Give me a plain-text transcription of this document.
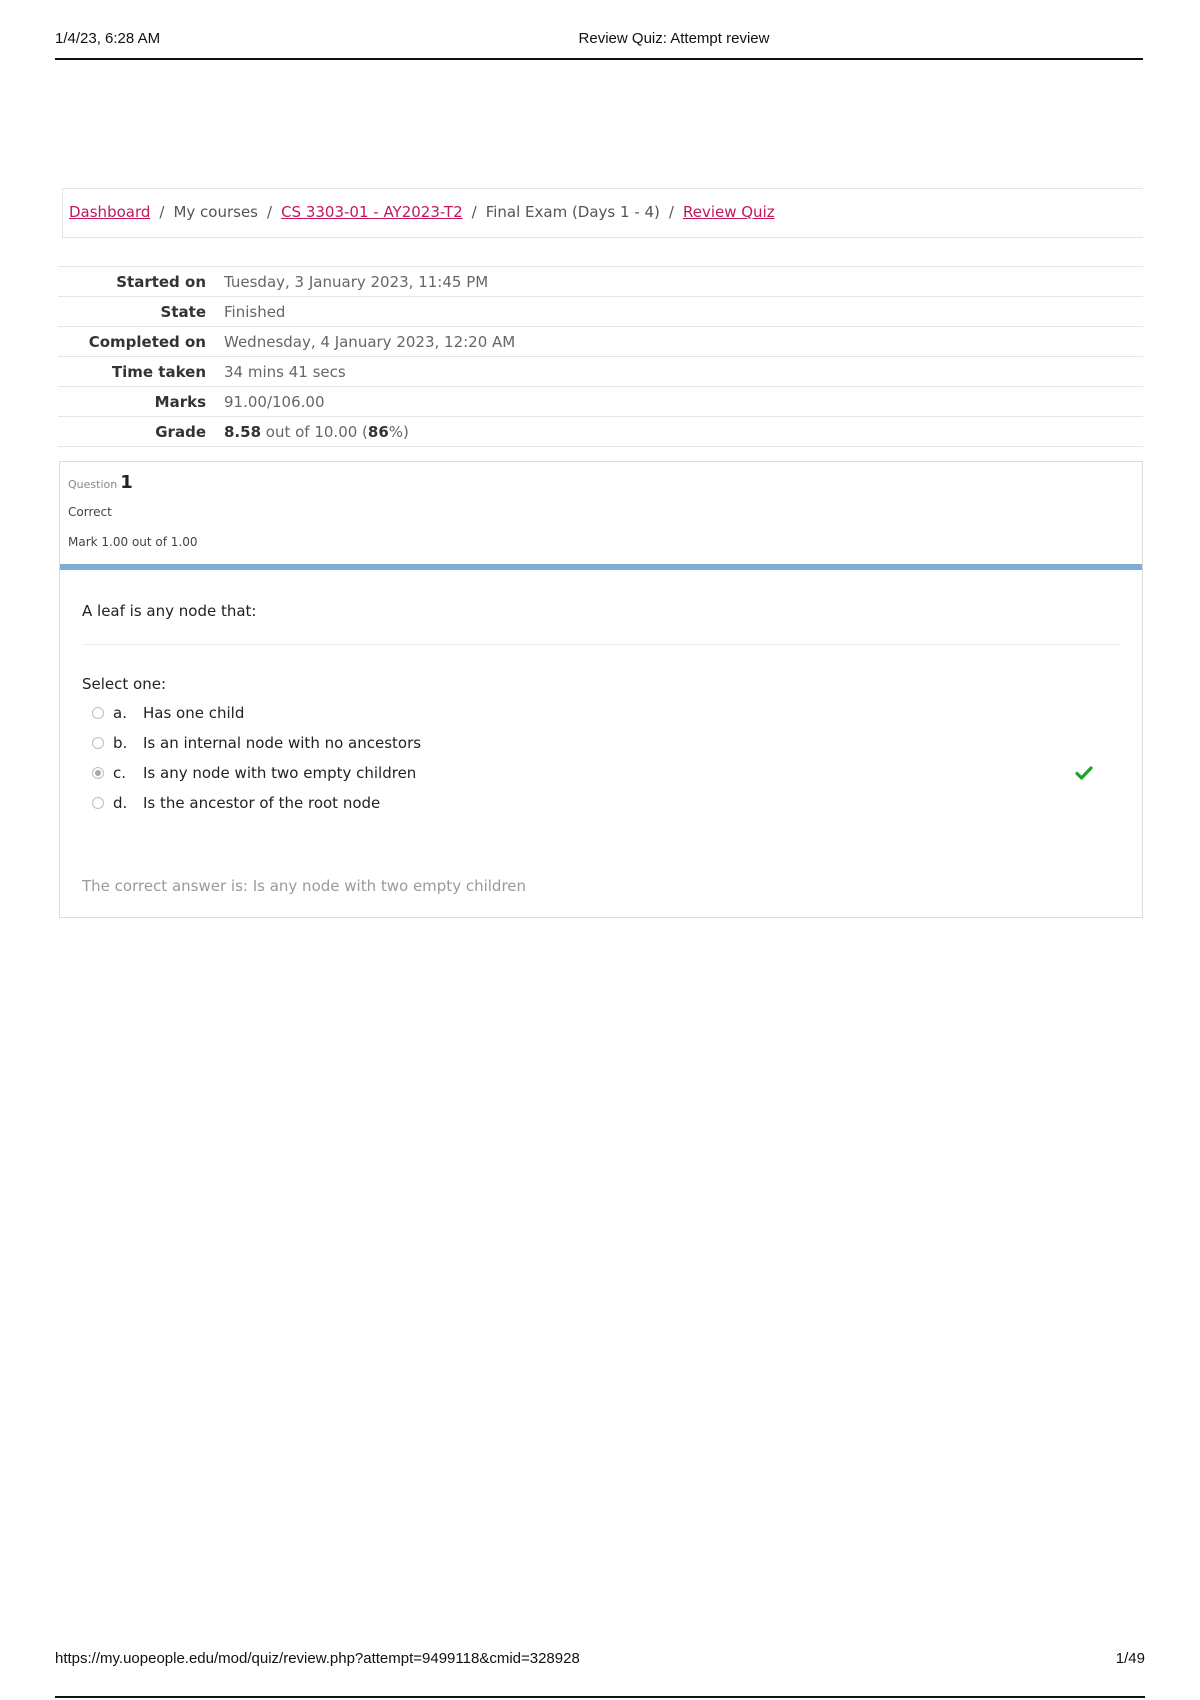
1/4/23, 6:28 AM	Review Quiz: Attempt review
Dashboard / My courses / CS 3303-01 - AY2023-T2 / Final Exam (Days 1 - 4) / Review Quiz
Started on	Tuesday, 3 January 2023, 11:45 PM
State	Finished
Completed on	Wednesday, 4 January 2023, 12:20 AM
Time taken	34 mins 41 secs
Marks	91.00/106.00
Grade	8.58 out of 10.00 (86%)
Question 1
Correct
Mark 1.00 out of 1.00
A leaf is any node that:
Select one:
a.	Has one child
b.	Is an internal node with no ancestors
c.	Is any node with two empty children
d.	Is the ancestor of the root node
The correct answer is: Is any node with two empty children
https://my.uopeople.edu/mod/quiz/review.php?attempt=9499118&cmid=328928	1/49
